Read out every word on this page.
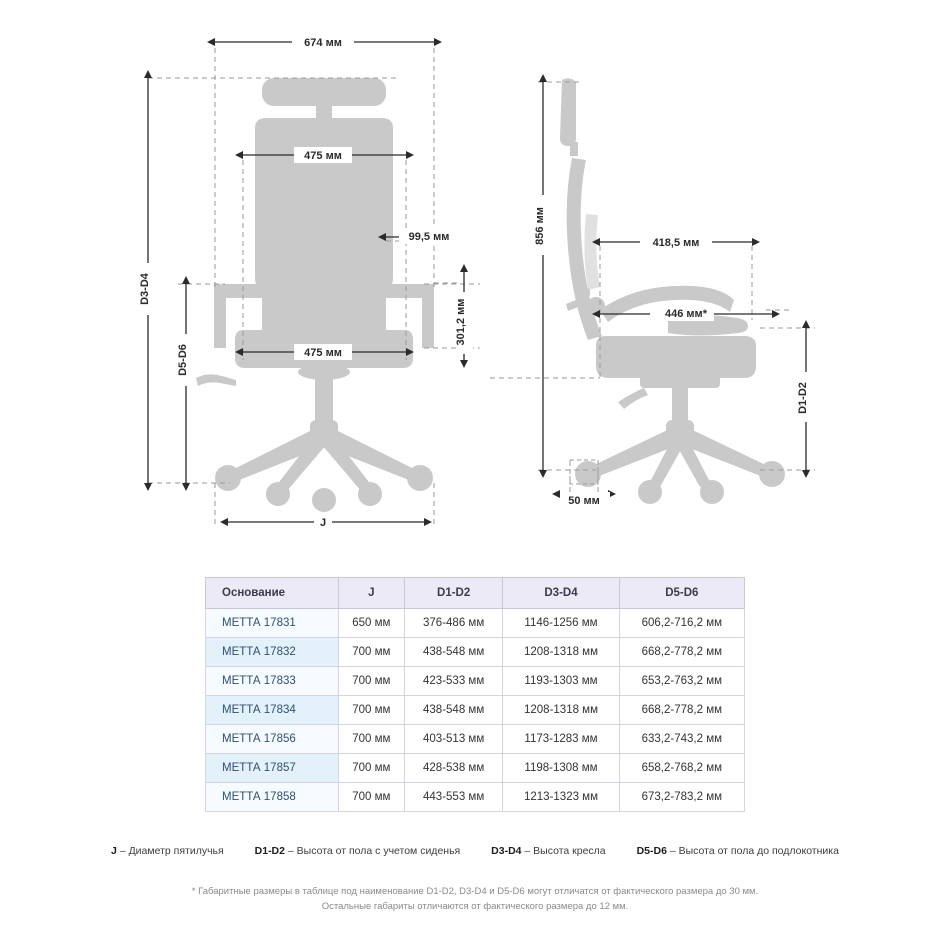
674 мм
475 мм
475 мм
99,5 мм
301,2 мм
D3-D4
D5-D6
J
856 мм	418,5 мм
446 мм*
D1-D2
50 мм
Основание	J	D1-D2	D3-D4	D5-D6
МЕТТА 17831	650 мм	376-486 мм	1146-1256 мм	606,2-716,2 мм
МЕТТА 17832	700 мм	438-548 мм	1208-1318 мм	668,2-778,2 мм
МЕТТА 17833	700 мм	423-533 мм	1193-1303 мм	653,2-763,2 мм
МЕТТА 17834	700 мм	438-548 мм	1208-1318 мм	668,2-778,2 мм
МЕТТА 17856	700 мм	403-513 мм	1173-1283 мм	633,2-743,2 мм
МЕТТА 17857	700 мм	428-538 мм	1198-1308 мм	658,2-768,2 мм
МЕТТА 17858	700 мм	443-553 мм	1213-1323 мм	673,2-783,2 мм
J – Диаметр пятилучья	D1-D2 – Высота от пола с учетом сиденья	D3-D4 – Высота кресла	D5-D6 – Высота от пола до подлокотника
* Габаритные размеры в таблице под наименование D1-D2, D3-D4 и D5-D6 могут отличатся от фактического размера до 30 мм.
Остальные габариты отличаются от фактического размера до 12 мм.
